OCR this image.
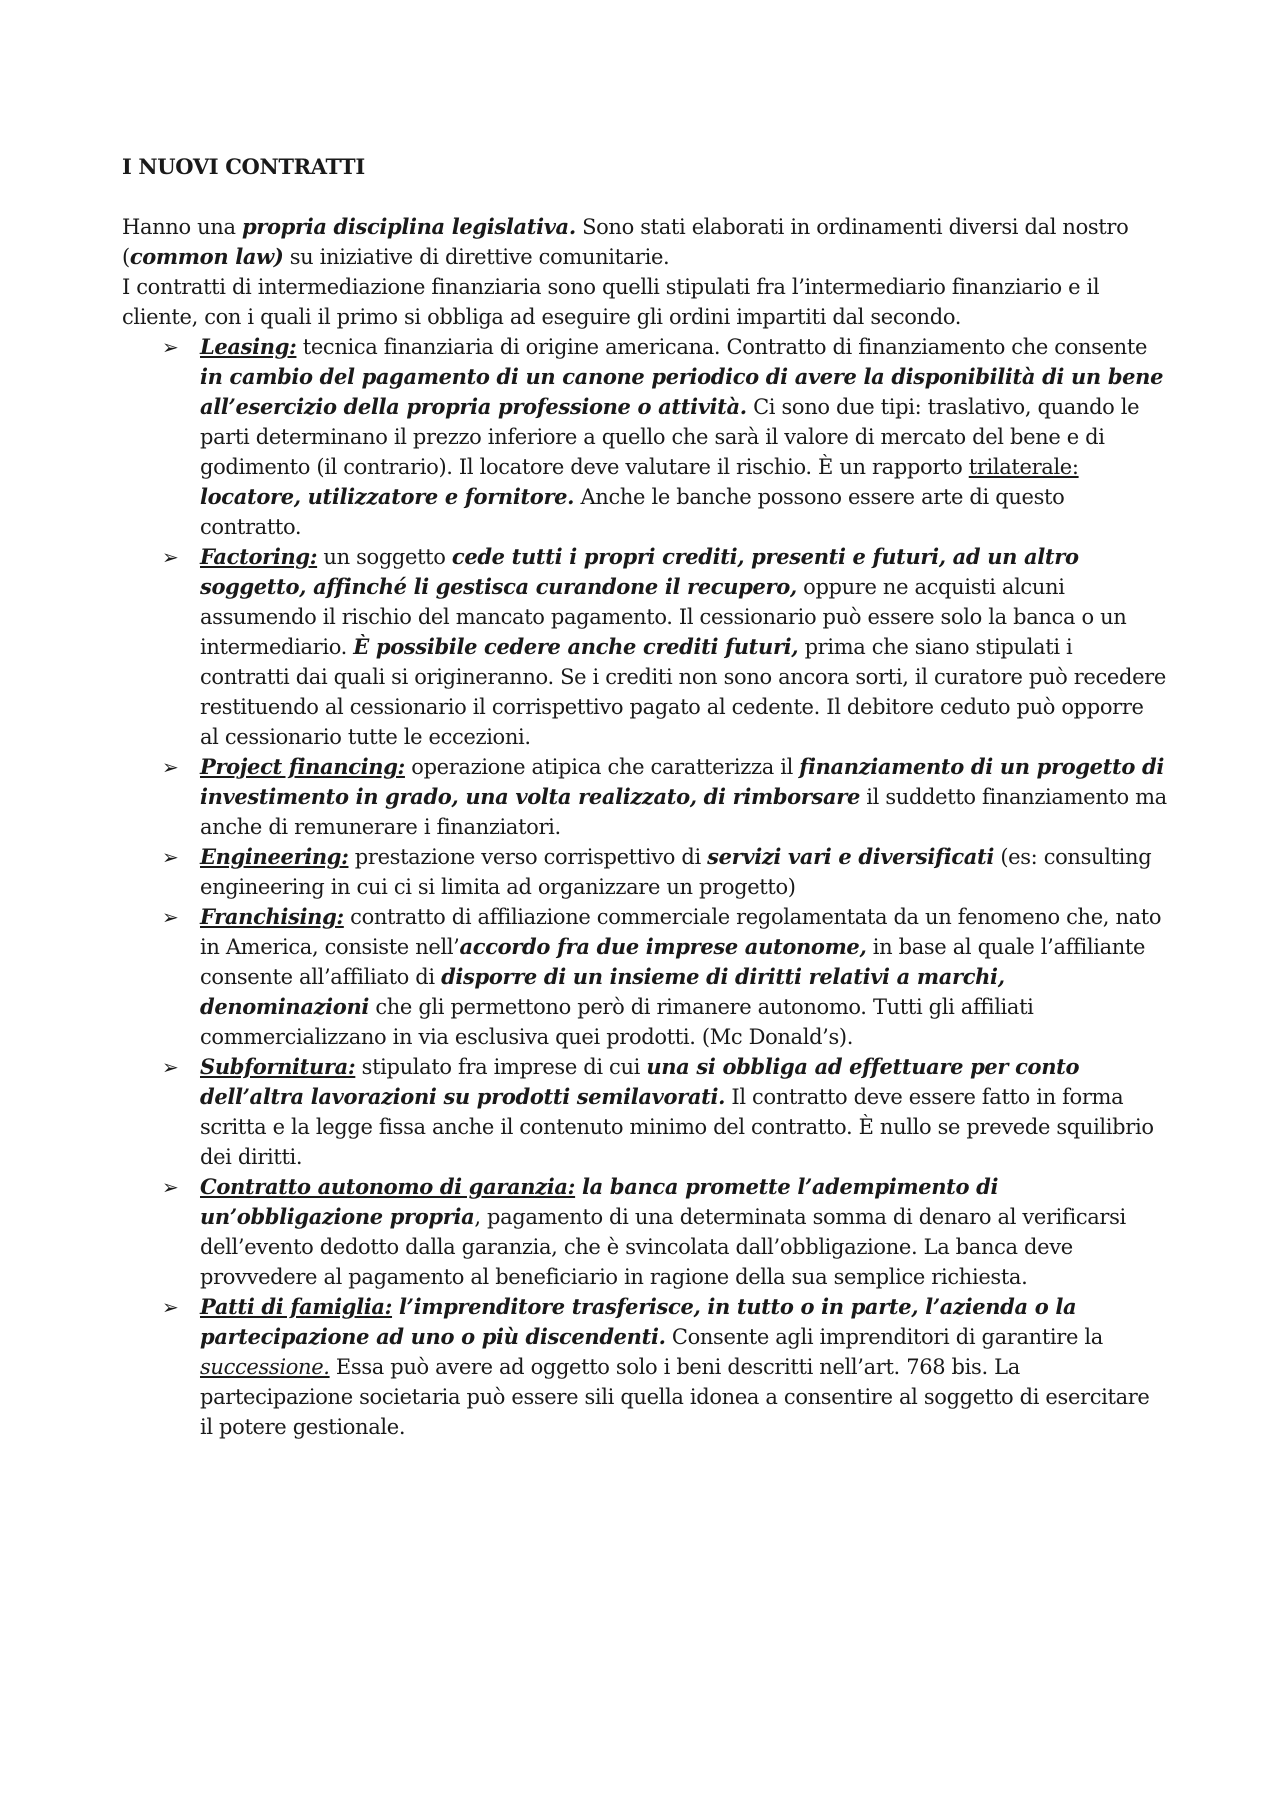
I NUOVI CONTRATTI

Hanno una propria disciplina legislativa. Sono stati elaborati in ordinamenti diversi dal nostro (common law) su iniziative di direttive comunitarie.

I contratti di intermediazione finanziaria sono quelli stipulati fra l’intermediario finanziario e il cliente, con i quali il primo si obbliga ad eseguire gli ordini impartiti dal secondo.

➢ Leasing: tecnica finanziaria di origine americana. Contratto di finanziamento che consente in cambio del pagamento di un canone periodico di avere la disponibilità di un bene all’esercizio della propria professione o attività. Ci sono due tipi: traslativo, quando le parti determinano il prezzo inferiore a quello che sarà il valore di mercato del bene e di godimento (il contrario). Il locatore deve valutare il rischio. È un rapporto trilaterale: locatore, utilizzatore e fornitore. Anche le banche possono essere arte di questo contratto.
➢ Factoring: un soggetto cede tutti i propri crediti, presenti e futuri, ad un altro soggetto, affinché li gestisca curandone il recupero, oppure ne acquisti alcuni assumendo il rischio del mancato pagamento. Il cessionario può essere solo la banca o un intermediario. È possibile cedere anche crediti futuri, prima che siano stipulati i contratti dai quali si origineranno. Se i crediti non sono ancora sorti, il curatore può recedere restituendo al cessionario il corrispettivo pagato al cedente. Il debitore ceduto può opporre al cessionario tutte le eccezioni.
➢ Project financing: operazione atipica che caratterizza il finanziamento di un progetto di investimento in grado, una volta realizzato, di rimborsare il suddetto finanziamento ma anche di remunerare i finanziatori.
➢ Engineering: prestazione verso corrispettivo di servizi vari e diversificati (es: consulting engineering in cui ci si limita ad organizzare un progetto)
➢ Franchising: contratto di affiliazione commerciale regolamentata da un fenomeno che, nato in America, consiste nell’accordo fra due imprese autonome, in base al quale l’affiliante consente all’affiliato di disporre di un insieme di diritti relativi a marchi, denominazioni che gli permettono però di rimanere autonomo. Tutti gli affiliati commercializzano in via esclusiva quei prodotti. (Mc Donald’s).
➢ Subfornitura: stipulato fra imprese di cui una si obbliga ad effettuare per conto dell’altra lavorazioni su prodotti semilavorati. Il contratto deve essere fatto in forma scritta e la legge fissa anche il contenuto minimo del contratto. È nullo se prevede squilibrio dei diritti.
➢ Contratto autonomo di garanzia: la banca promette l’adempimento di un’obbligazione propria, pagamento di una determinata somma di denaro al verificarsi dell’evento dedotto dalla garanzia, che è svincolata dall’obbligazione. La banca deve provvedere al pagamento al beneficiario in ragione della sua semplice richiesta.
➢ Patti di famiglia: l’imprenditore trasferisce, in tutto o in parte, l’azienda o la partecipazione ad uno o più discendenti. Consente agli imprenditori di garantire la successione. Essa può avere ad oggetto solo i beni descritti nell’art. 768 bis. La partecipazione societaria può essere sili quella idonea a consentire al soggetto di esercitare il potere gestionale.
